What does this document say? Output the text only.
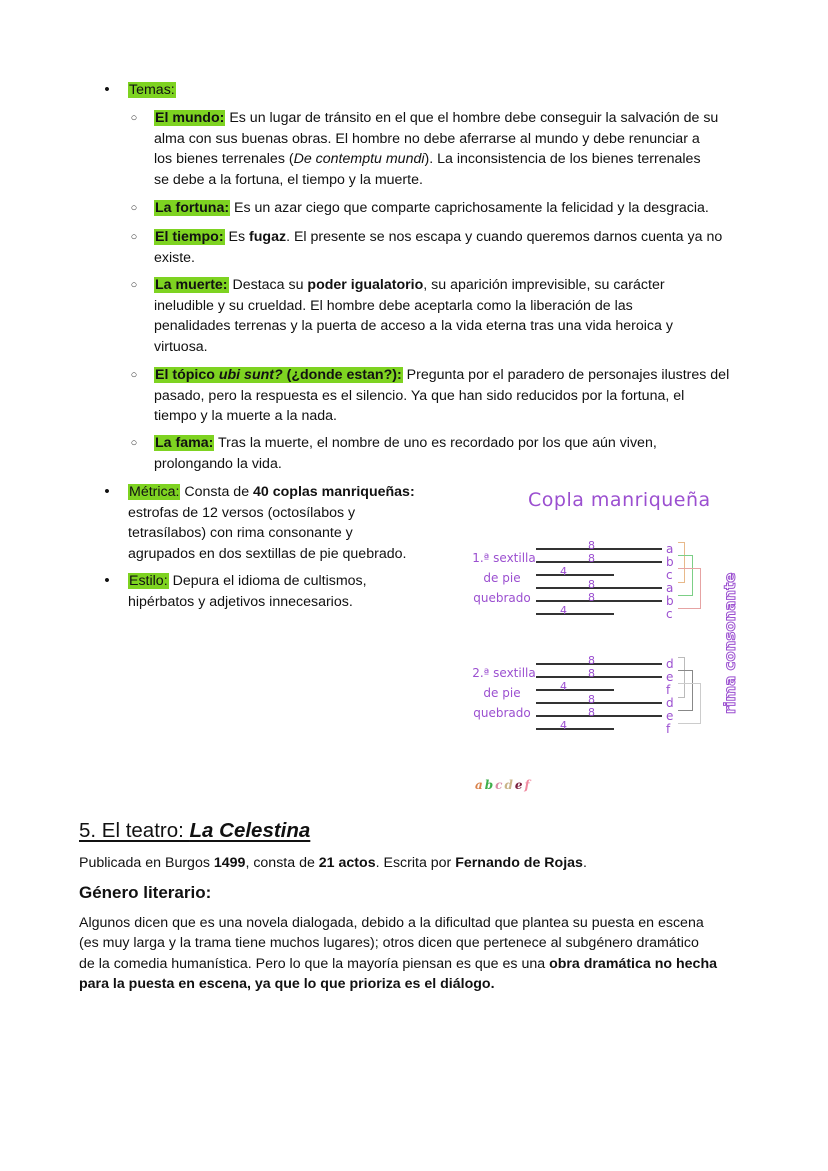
• Temas:
○ El mundo: Es un lugar de tránsito en el que el hombre debe conseguir la salvación de su
alma con sus buenas obras. El hombre no debe aferrarse al mundo y debe renunciar a
los bienes terrenales (De contemptu mundi). La inconsistencia de los bienes terrenales
se debe a la fortuna, el tiempo y la muerte.
○ La fortuna: Es un azar ciego que comparte caprichosamente la felicidad y la desgracia.
○ El tiempo: Es fugaz. El presente se nos escapa y cuando queremos darnos cuenta ya no
existe.
○ La muerte: Destaca su poder igualatorio, su aparición imprevisible, su carácter
ineludible y su crueldad. El hombre debe aceptarla como la liberación de las
penalidades terrenas y la puerta de acceso a la vida eterna tras una vida heroica y
virtuosa.
○ El tópico ubi sunt? (¿donde estan?): Pregunta por el paradero de personajes ilustres del
pasado, pero la respuesta es el silencio. Ya que han sido reducidos por la fortuna, el
tiempo y la muerte a la nada.
○ La fama: Tras la muerte, el nombre de uno es recordado por los que aún viven,
prolongando la vida.
• Métrica: Consta de 40 coplas manriqueñas:
estrofas de 12 versos (octosílabos y
tetrasílabos) con rima consonante y
agrupados en dos sextillas de pie quebrado.
• Estilo: Depura el idioma de cultismos,
hipérbatos y adjetivos innecesarios.
Copla manriqueña
1.ª sextilla
de pie
quebrado
8	a
8	b
4	c
8	a
8	b
4	c
2.ª sextilla
de pie
quebrado
8	d
8	e
4	f
8	d
8	e
4	f
rima consonante
a b c d e f
5. El teatro: La Celestina
Publicada en Burgos 1499, consta de 21 actos. Escrita por Fernando de Rojas.
Género literario:
Algunos dicen que es una novela dialogada, debido a la dificultad que plantea su puesta en escena
(es muy larga y la trama tiene muchos lugares); otros dicen que pertenece al subgénero dramático
de la comedia humanística. Pero lo que la mayoría piensan es que es una obra dramática no hecha
para la puesta en escena, ya que lo que prioriza es el diálogo.
